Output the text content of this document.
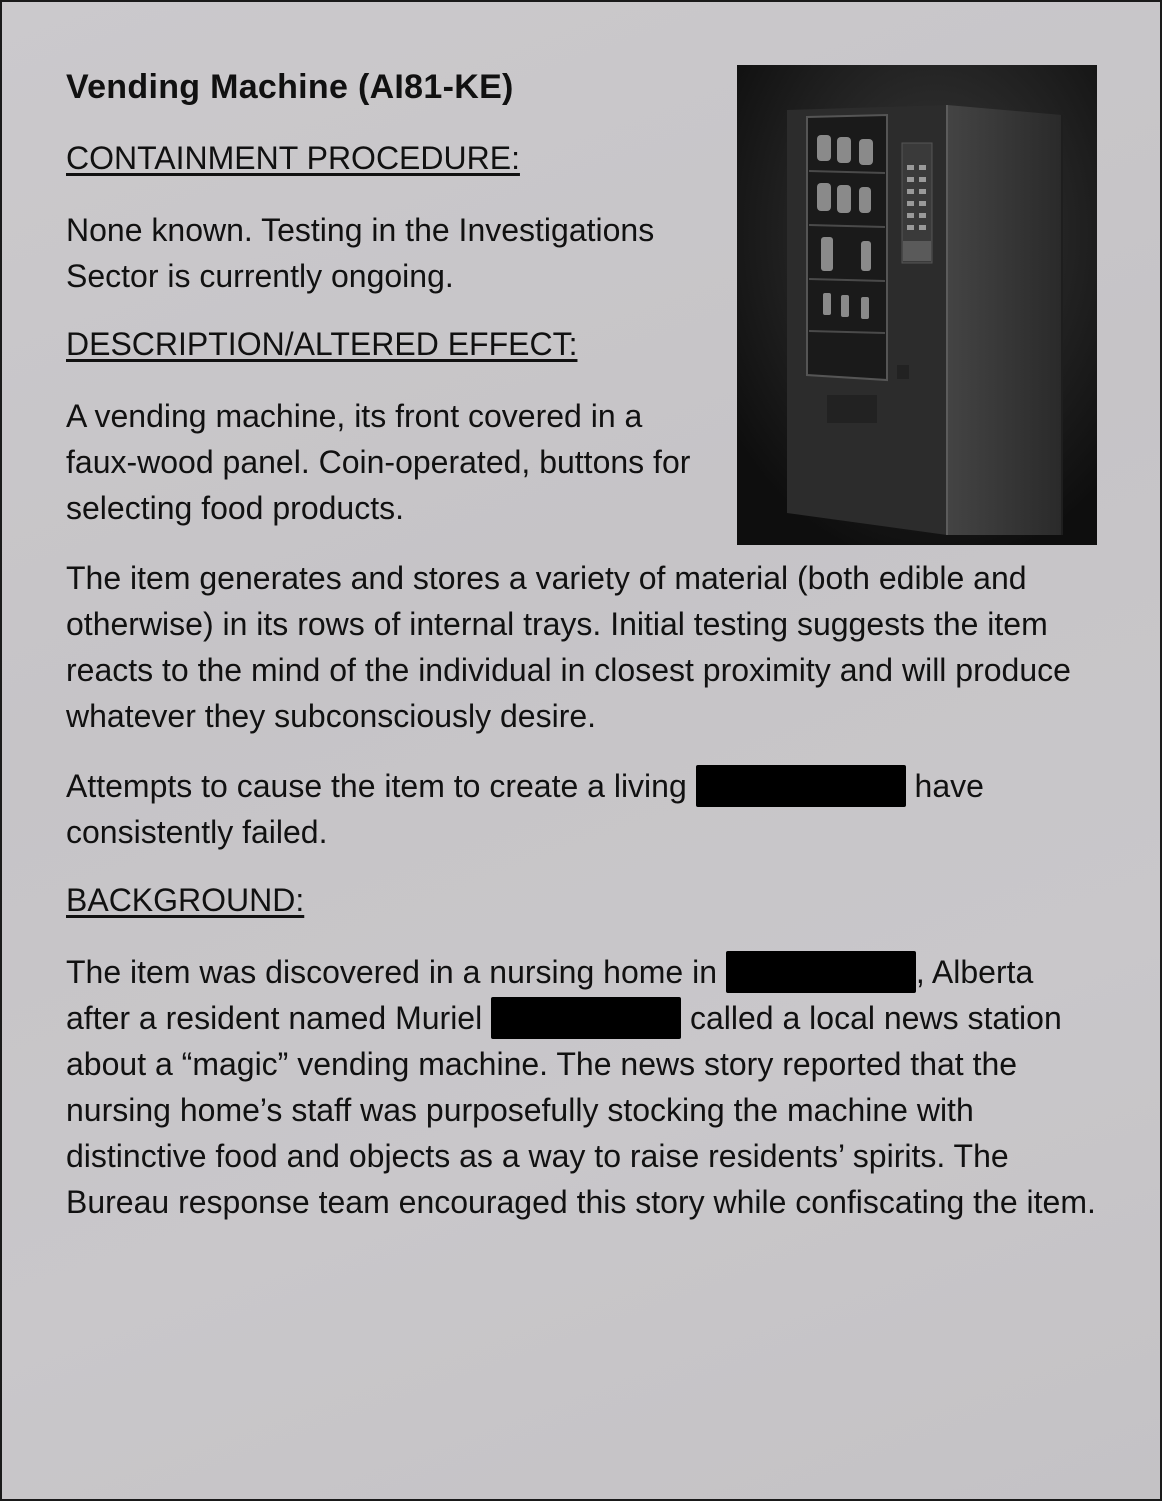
Vending Machine (AI81-KE)
CONTAINMENT PROCEDURE:

None known. Testing in the Investigations Sector is currently ongoing.

DESCRIPTION/ALTERED EFFECT:

A vending machine, its front covered in a faux-wood panel. Coin-operated, buttons for selecting food products.

The item generates and stores a variety of material (both edible and otherwise) in its rows of internal trays. Initial testing suggests the item reacts to the mind of the individual in closest proximity and will produce whatever they subconsciously desire.

Attempts to cause the item to create a living	have consistently failed.

BACKGROUND:

The item was discovered in a nursing home in	, Alberta after a resident named Muriel	called a local news station about a “magic” vending machine. The news story reported that the nursing home’s staff was purposefully stocking the machine with distinctive food and objects as a way to raise residents’ spirits. The Bureau response team encouraged this story while confiscating the item.
